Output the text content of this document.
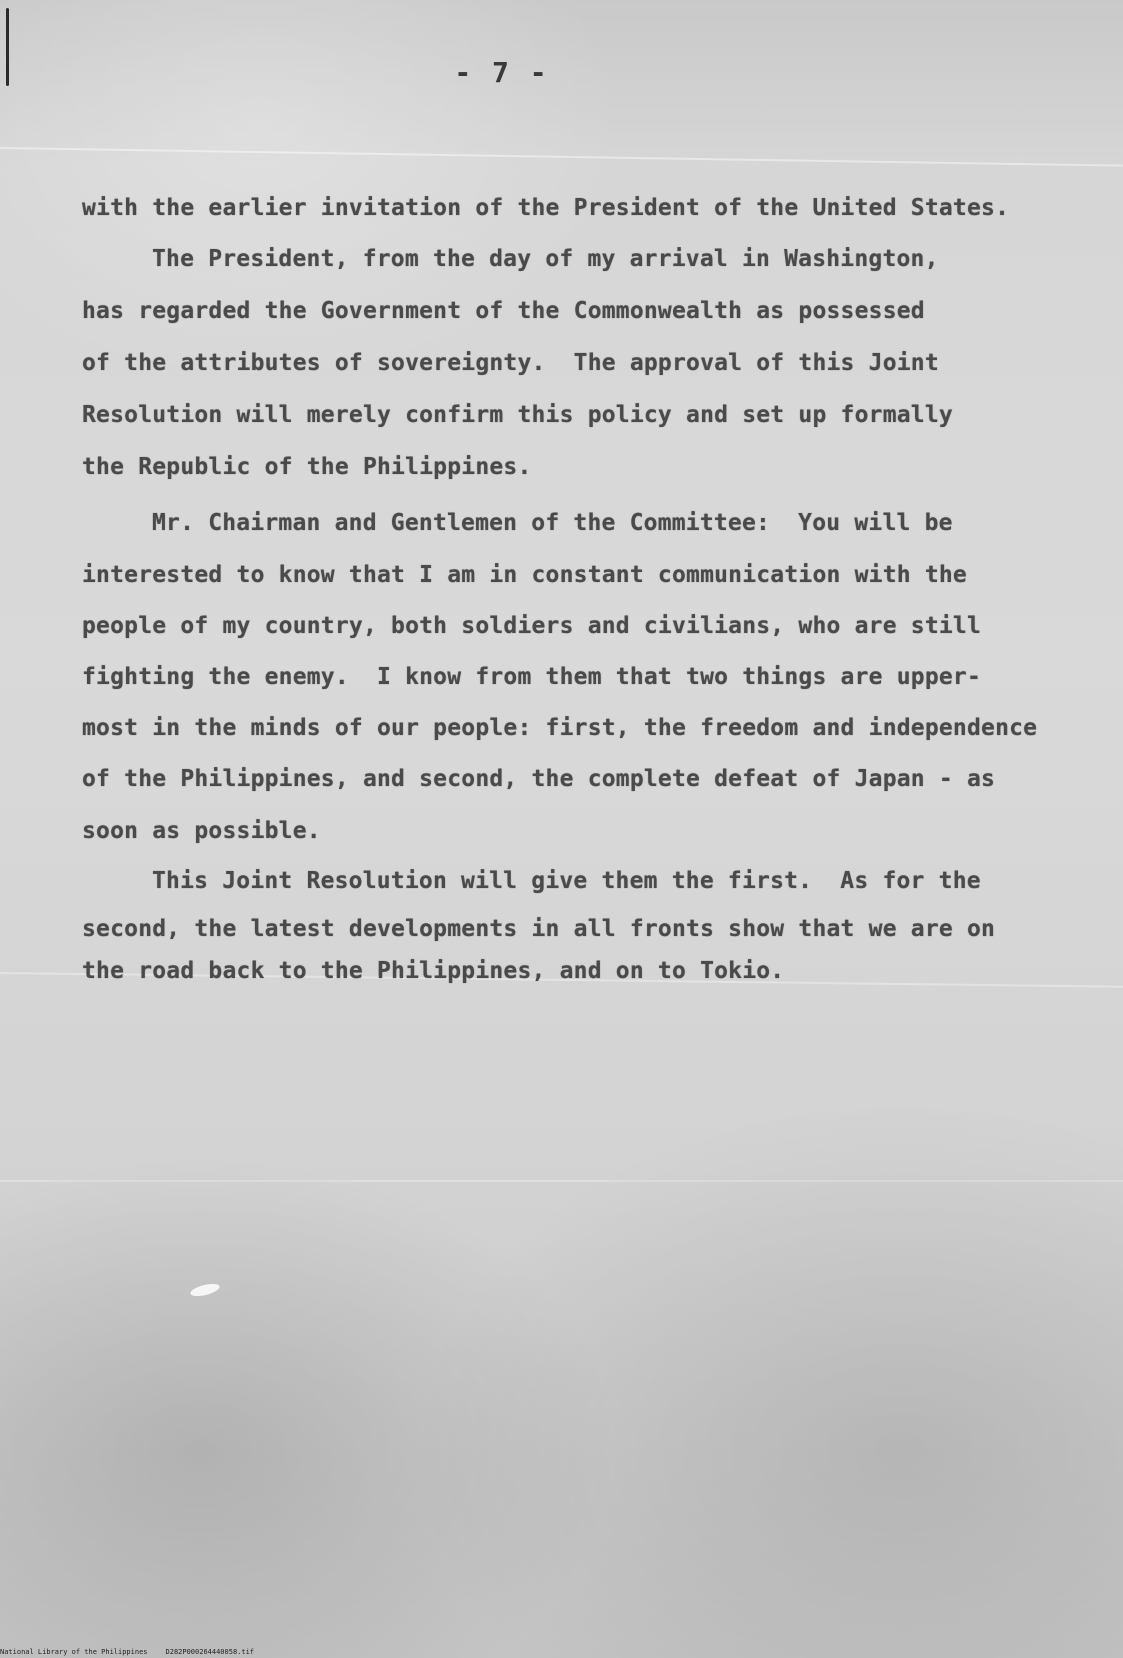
- 7 -
with the earlier invitation of the President of the United States.
The President, from the day of my arrival in Washington,
has regarded the Government of the Commonwealth as possessed
of the attributes of sovereignty.  The approval of this Joint
Resolution will merely confirm this policy and set up formally
the Republic of the Philippines.
Mr. Chairman and Gentlemen of the Committee:  You will be
interested to know that I am in constant communication with the
people of my country, both soldiers and civilians, who are still
fighting the enemy.  I know from them that two things are upper-
most in the minds of our people: first, the freedom and independence
of the Philippines, and second, the complete defeat of Japan - as
soon as possible.
This Joint Resolution will give them the first.  As for the
second, the latest developments in all fronts show that we are on
the road back to the Philippines, and on to Tokio.
National Library of the Philippines	D282P000264440058.tif
